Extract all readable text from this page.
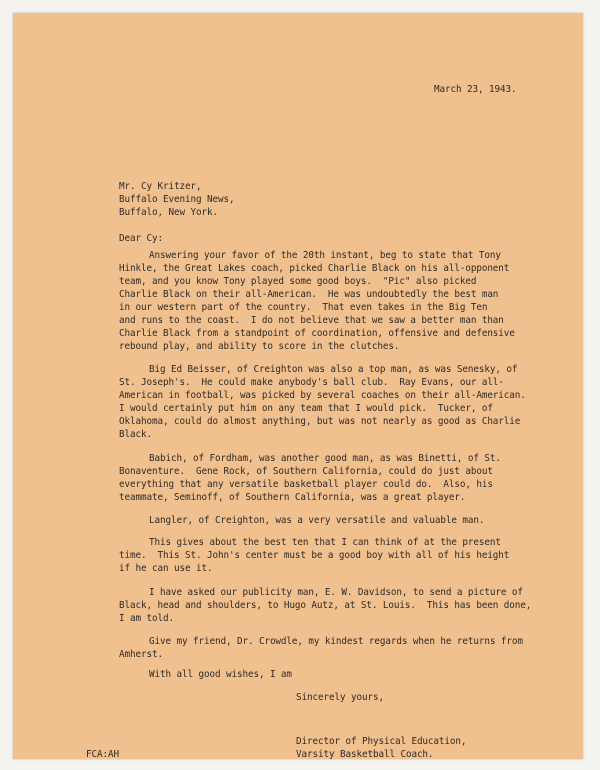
March 23, 1943.
Mr. Cy Kritzer,
Buffalo Evening News,
Buffalo, New York.
Dear Cy:
Answering your favor of the 20th instant, beg to state that Tony
Hinkle, the Great Lakes coach, picked Charlie Black on his all-opponent
team, and you know Tony played some good boys.  "Pic" also picked
Charlie Black on their all-American.  He was undoubtedly the best man
in our western part of the country.  That even takes in the Big Ten
and runs to the coast.  I do not believe that we saw a better man than
Charlie Black from a standpoint of coordination, offensive and defensive
rebound play, and ability to score in the clutches.
Big Ed Beisser, of Creighton was also a top man, as was Senesky, of
St. Joseph's.  He could make anybody's ball club.  Ray Evans, our all-
American in football, was picked by several coaches on their all-American.
I would certainly put him on any team that I would pick.  Tucker, of
Oklahoma, could do almost anything, but was not nearly as good as Charlie
Black.
Babich, of Fordham, was another good man, as was Binetti, of St.
Bonaventure.  Gene Rock, of Southern California, could do just about
everything that any versatile basketball player could do.  Also, his
teammate, Seminoff, of Southern California, was a great player.
Langler, of Creighton, was a very versatile and valuable man.
This gives about the best ten that I can think of at the present
time.  This St. John's center must be a good boy with all of his height
if he can use it.
I have asked our publicity man, E. W. Davidson, to send a picture of
Black, head and shoulders, to Hugo Autz, at St. Louis.  This has been done,
I am told.
Give my friend, Dr. Crowdle, my kindest regards when he returns from
Amherst.
With all good wishes, I am
Sincerely yours,
Director of Physical Education,
Varsity Basketball Coach.
FCA:AH
